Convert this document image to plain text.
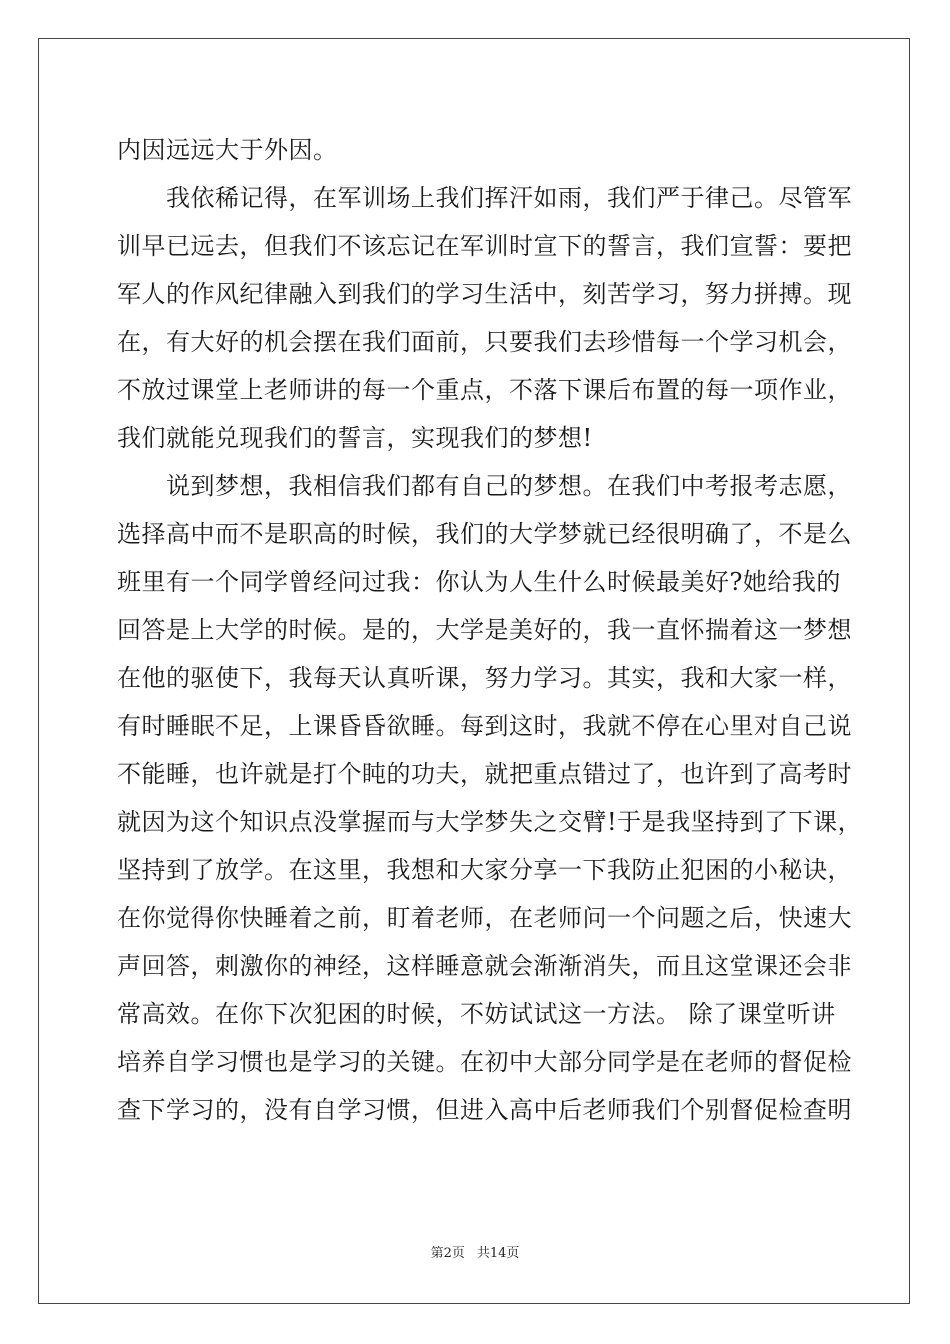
内因远远大于外因。
　　我依稀记得，在军训场上我们挥汗如雨，我们严于律己。尽管军
训早已远去，但我们不该忘记在军训时宣下的誓言，我们宣誓：要把
军人的作风纪律融入到我们的学习生活中，刻苦学习，努力拼搏。现
在，有大好的机会摆在我们面前，只要我们去珍惜每一个学习机会，
不放过课堂上老师讲的每一个重点，不落下课后布置的每一项作业，
我们就能兑现我们的誓言，实现我们的梦想!
　　说到梦想，我相信我们都有自己的梦想。在我们中考报考志愿，
选择高中而不是职高的时候，我们的大学梦就已经很明确了，不是么
班里有一个同学曾经问过我：你认为人生什么时候最美好?她给我的
回答是上大学的时候。是的，大学是美好的，我一直怀揣着这一梦想
在他的驱使下，我每天认真听课，努力学习。其实，我和大家一样，
有时睡眠不足，上课昏昏欲睡。每到这时，我就不停在心里对自己说
不能睡，也许就是打个盹的功夫，就把重点错过了，也许到了高考时
就因为这个知识点没掌握而与大学梦失之交臂!于是我坚持到了下课，
坚持到了放学。在这里，我想和大家分享一下我防止犯困的小秘诀，
在你觉得你快睡着之前，盯着老师，在老师问一个问题之后，快速大
声回答，刺激你的神经，这样睡意就会渐渐消失，而且这堂课还会非
常高效。在你下次犯困的时候，不妨试试这一方法。 除了课堂听讲
培养自学习惯也是学习的关键。在初中大部分同学是在老师的督促检
查下学习的，没有自学习惯，但进入高中后老师我们个别督促检查明
第2页 共14页
